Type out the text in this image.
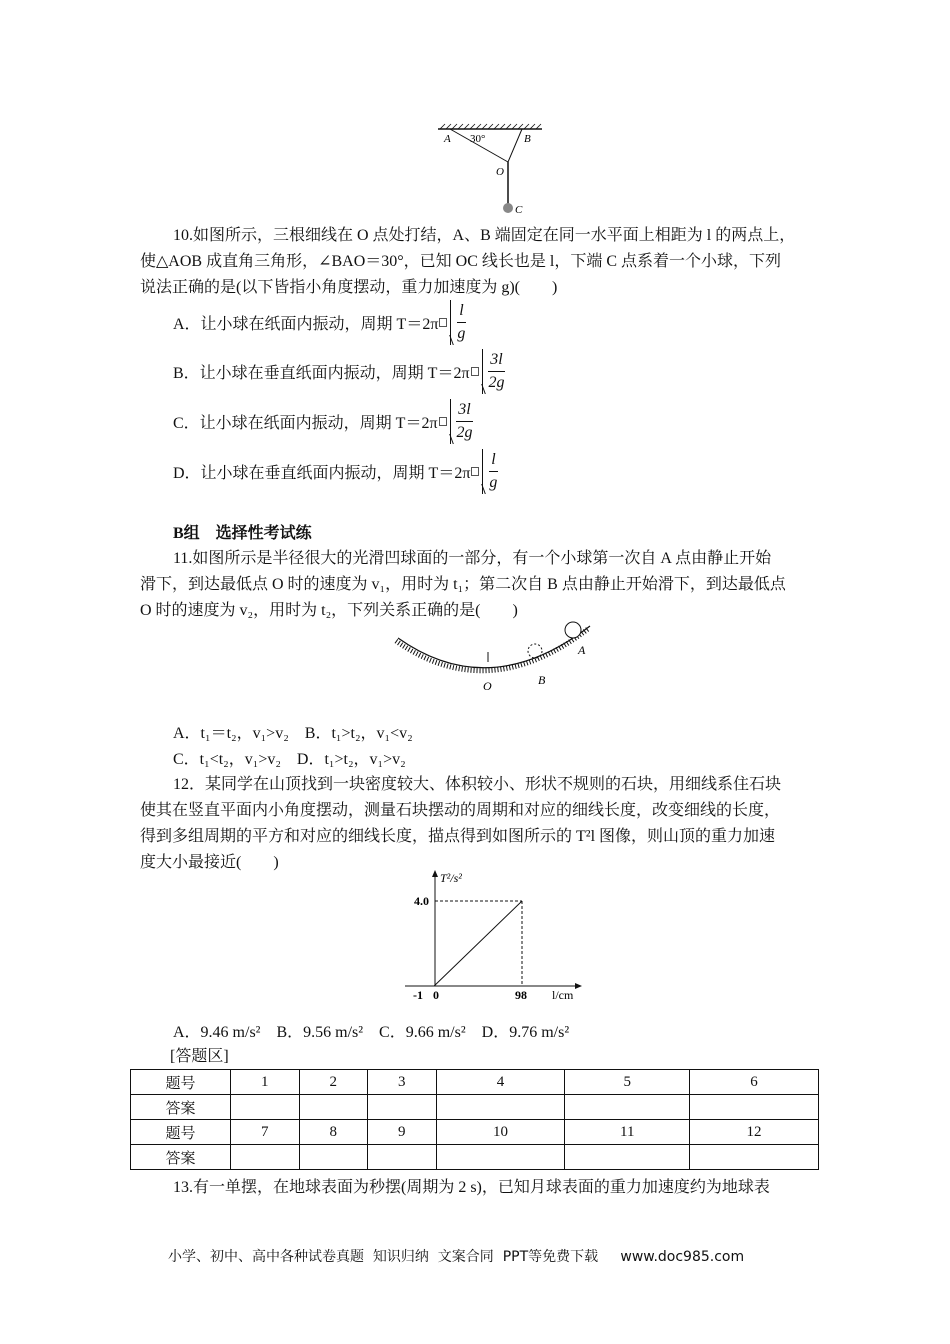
A 30°	B
O
C
10.如图所示，三根细线在 O 点处打结，A、B 端固定在同一水平面上相距为 l 的两点上，
使△AOB 成直角三角形，∠BAO＝30°，已知 OC 线长也是 l，下端 C 点系着一个小球，下列
说法正确的是(以下皆指小角度摆动，重力加速度为 g)(　　)
A．让小球在纸面内振动，周期 $T=2\pi \frac{l}{g}$
B．让小球在垂直纸面内振动，周期 $T=2\pi \frac{3l}{2g}$
C．让小球在纸面内振动，周期 $T=2\pi \frac{3l}{2g}$
D．让小球在垂直纸面内振动，周期 $T=2\pi \frac{l}{g}$
B组　选择性考试练
11.如图所示是半径很大的光滑凹球面的一部分，有一个小球第一次自 A 点由静止开始
滑下，到达最低点 O 时的速度为 v₁，用时为 t₁；第二次自 B 点由静止开始滑下，到达最低点
O 时的速度为 v₂，用时为 t₂，下列关系正确的是(　　)
O	B
A
A．t₁＝t₂，v₁>v₂　B．t₁>t₂，v₁<v₂
C．t₁<t₂，v₁>v₂　D．t₁>t₂，v₁>v₂
12．某同学在山顶找到一块密度较大、体积较小、形状不规则的石块，用细线系住石块
使其在竖直平面内小角度摆动，测量石块摆动的周期和对应的细线长度，改变细线的长度，
得到多组周期的平方和对应的细线长度，描点得到如图所示的 T²l 图像，则山顶的重力加速
度大小最接近(　　)
T²/s²
4.0
-1 0	98 l/cm
A．9.46 m/s²　B．9.56 m/s²　C．9.66 m/s²　D．9.76 m/s²
[答题区]
题号	1	2	3	4	5	6
答案						
题号	7	8	9	10	11	12
答案						
13.有一单摆，在地球表面为秒摆(周期为 2 s)，已知月球表面的重力加速度约为地球表
小学、初中、高中各种试卷真题  知识归纳  文案合同  PPT等免费下载     www.doc985.com
